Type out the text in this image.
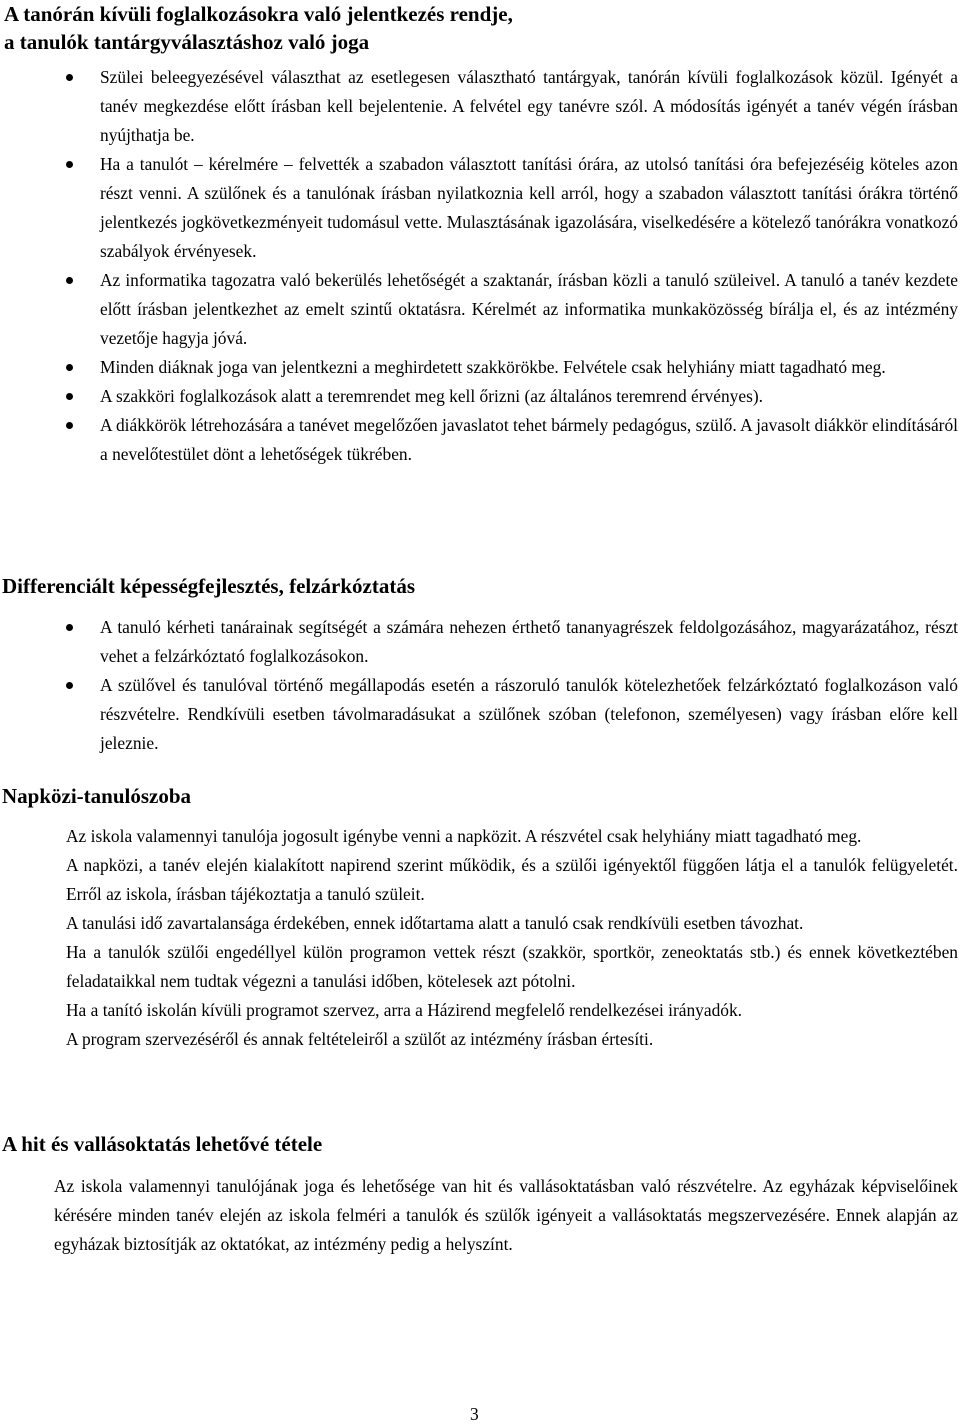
A tanórán kívüli foglalkozásokra való jelentkezés rendje,
a tanulók tantárgyválasztáshoz való joga
Szülei beleegyezésével választhat az esetlegesen választható tantárgyak, tanórán kívüli foglalkozások közül. Igényét a tanév megkezdése előtt írásban kell bejelentenie. A felvétel egy tanévre szól. A módosítás igényét a tanév végén írásban nyújthatja be.
Ha a tanulót – kérelmére – felvették a szabadon választott tanítási órára, az utolsó tanítási óra befejezéséig köteles azon részt venni. A szülőnek és a tanulónak írásban nyilatkoznia kell arról, hogy a szabadon választott tanítási órákra történő jelentkezés jogkövetkezményeit tudomásul vette. Mulasztásának igazolására, viselkedésére a kötelező tanórákra vonatkozó szabályok érvényesek.
Az informatika tagozatra való bekerülés lehetőségét a szaktanár, írásban közli a tanuló szüleivel. A tanuló a tanév kezdete előtt írásban jelentkezhet az emelt szintű oktatásra. Kérelmét az informatika munkaközösség bírálja el, és az intézmény vezetője hagyja jóvá.
Minden diáknak joga van jelentkezni a meghirdetett szakkörökbe. Felvétele csak helyhiány miatt tagadható meg.
A szakköri foglalkozások alatt a teremrendet meg kell őrizni (az általános teremrend érvényes).
A diákkörök létrehozására a tanévet megelőzően javaslatot tehet bármely pedagógus, szülő. A javasolt diákkör elindításáról a nevelőtestület dönt a lehetőségek tükrében.
Differenciált képességfejlesztés, felzárkóztatás
A tanuló kérheti tanárainak segítségét a számára nehezen érthető tananyagrészek feldolgozásához, magyarázatához, részt vehet a felzárkóztató foglalkozásokon.
A szülővel és tanulóval történő megállapodás esetén a rászoruló tanulók kötelezhetőek felzárkóztató foglalkozáson való részvételre. Rendkívüli esetben távolmaradásukat a szülőnek szóban (telefonon, személyesen) vagy írásban előre kell jeleznie.
Napközi-tanulószoba

Az iskola valamennyi tanulója jogosult igénybe venni a napközit. A részvétel csak helyhiány miatt tagadható meg.

A napközi, a tanév elején kialakított napirend szerint működik, és a szülői igényektől függően látja el a tanulók felügyeletét. Erről az iskola, írásban tájékoztatja a tanuló szüleit.

A tanulási idő zavartalansága érdekében, ennek időtartama alatt a tanuló csak rendkívüli esetben távozhat.

Ha a tanulók szülői engedéllyel külön programon vettek részt (szakkör, sportkör, zeneoktatás stb.) és ennek következtében feladataikkal nem tudtak végezni a tanulási időben, kötelesek azt pótolni.

Ha a tanító iskolán kívüli programot szervez, arra a Házirend megfelelő rendelkezései irányadók.

A program szervezéséről és annak feltételeiről a szülőt az intézmény írásban értesíti.

A hit és vallásoktatás lehetővé tétele

Az iskola valamennyi tanulójának joga és lehetősége van hit és vallásoktatásban való részvételre. Az egyházak képviselőinek kérésére minden tanév elején az iskola felméri a tanulók és szülők igényeit a vallásoktatás megszervezésére. Ennek alapján az egyházak biztosítják az oktatókat, az intézmény pedig a helyszínt.

3
